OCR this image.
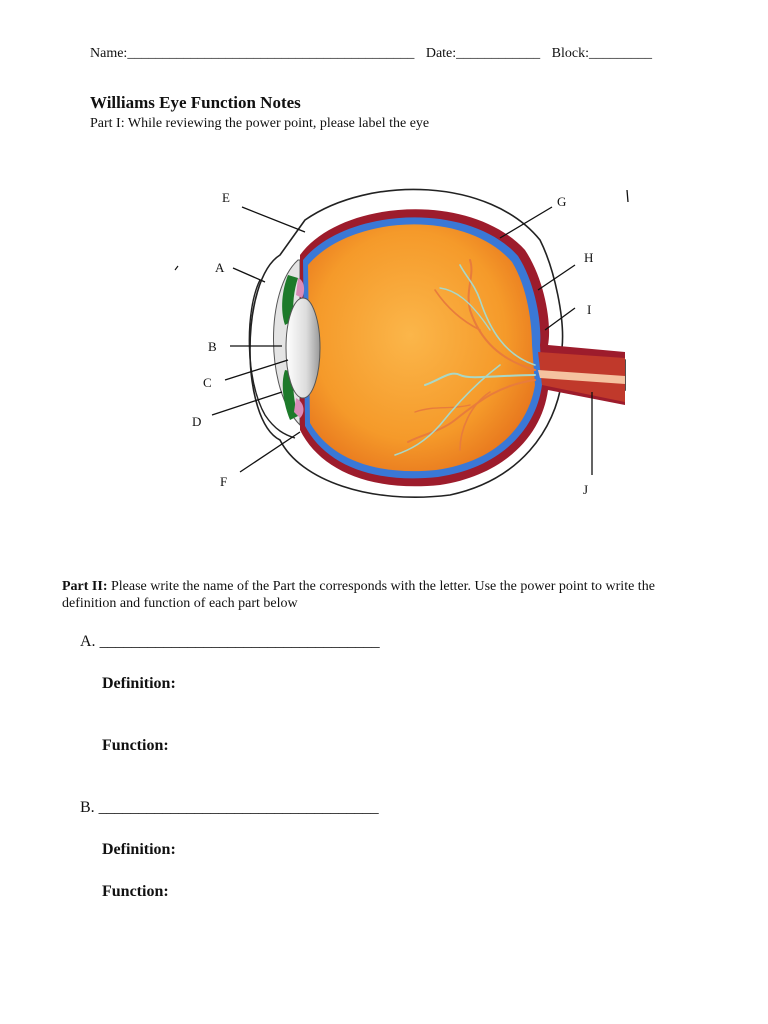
Name:_________________________________________ Date:____________ Block:_________
Williams Eye Function Notes
Part I: While reviewing the power point, please label the eye
E
A
B
C
D
F
G
H
I
J
Part II: Please write the name of the Part the corresponds with the letter. Use the power point to write the definition and function of each part below
A. ___________________________________
Definition:
Function:
B. ___________________________________
Definition:
Function:
